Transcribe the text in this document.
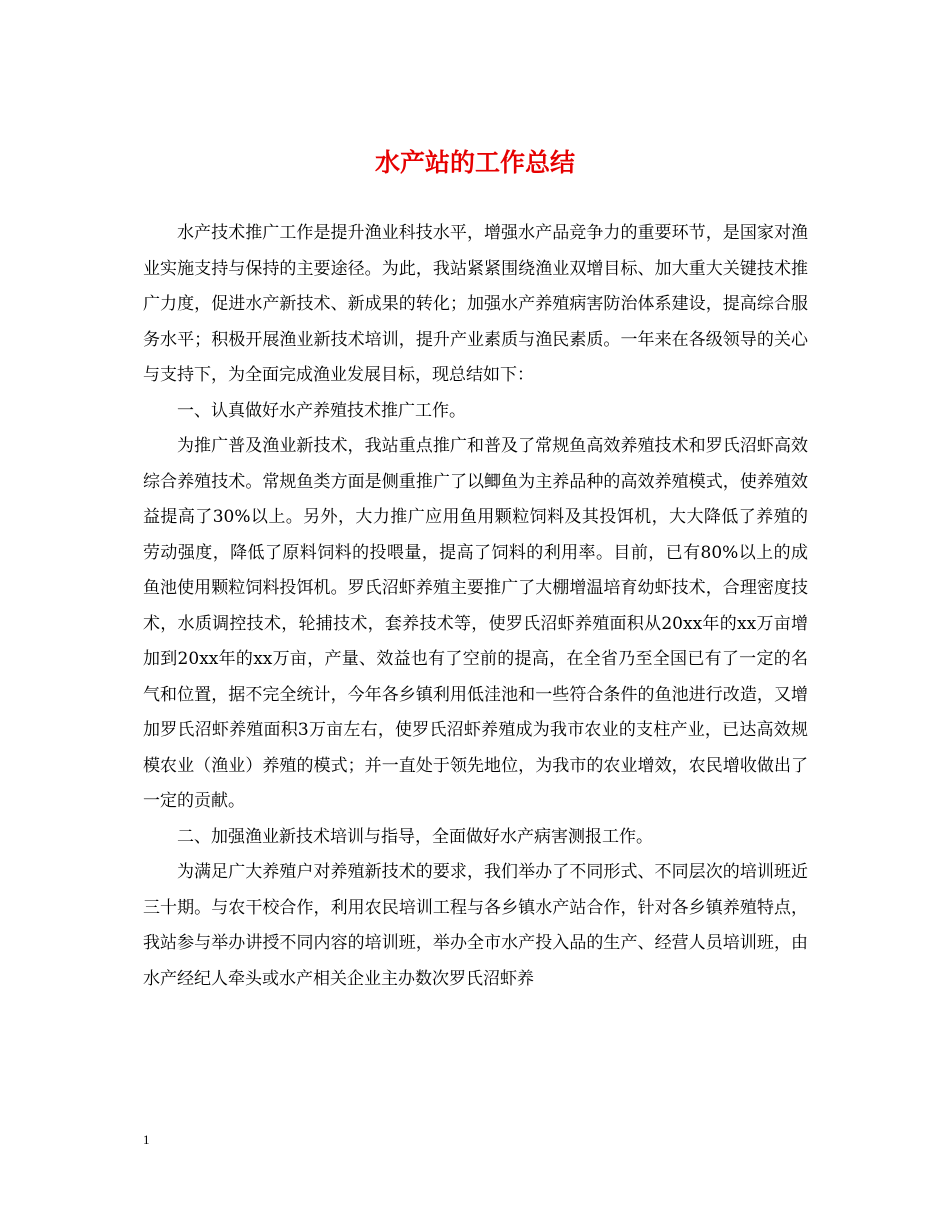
水产站的工作总结

水产技术推广工作是提升渔业科技水平，增强水产品竞争力的重要环节，是国家对渔业实施支持与保持的主要途径。为此，我站紧紧围绕渔业双增目标、加大重大关键技术推广力度，促进水产新技术、新成果的转化；加强水产养殖病害防治体系建设，提高综合服务水平；积极开展渔业新技术培训，提升产业素质与渔民素质。一年来在各级领导的关心与支持下，为全面完成渔业发展目标，现总结如下：

一、认真做好水产养殖技术推广工作。

为推广普及渔业新技术，我站重点推广和普及了常规鱼高效养殖技术和罗氏沼虾高效综合养殖技术。常规鱼类方面是侧重推广了以鲫鱼为主养品种的高效养殖模式，使养殖效益提高了30%以上。另外，大力推广应用鱼用颗粒饲料及其投饵机，大大降低了养殖的劳动强度，降低了原料饲料的投喂量，提高了饲料的利用率。目前，已有80%以上的成鱼池使用颗粒饲料投饵机。罗氏沼虾养殖主要推广了大棚增温培育幼虾技术，合理密度技术，水质调控技术，轮捕技术，套养技术等，使罗氏沼虾养殖面积从20xx年的xx万亩增加到20xx年的xx万亩，产量、效益也有了空前的提高，在全省乃至全国已有了一定的名气和位置，据不完全统计，今年各乡镇利用低洼池和一些符合条件的鱼池进行改造，又增加罗氏沼虾养殖面积3万亩左右，使罗氏沼虾养殖成为我市农业的支柱产业，已达高效规模农业（渔业）养殖的模式；并一直处于领先地位，为我市的农业增效，农民增收做出了一定的贡献。

二、加强渔业新技术培训与指导，全面做好水产病害测报工作。

为满足广大养殖户对养殖新技术的要求，我们举办了不同形式、不同层次的培训班近三十期。与农干校合作，利用农民培训工程与各乡镇水产站合作，针对各乡镇养殖特点，我站参与举办讲授不同内容的培训班，举办全市水产投入品的生产、经营人员培训班，由水产经纪人牵头或水产相关企业主办数次罗氏沼虾养

1
